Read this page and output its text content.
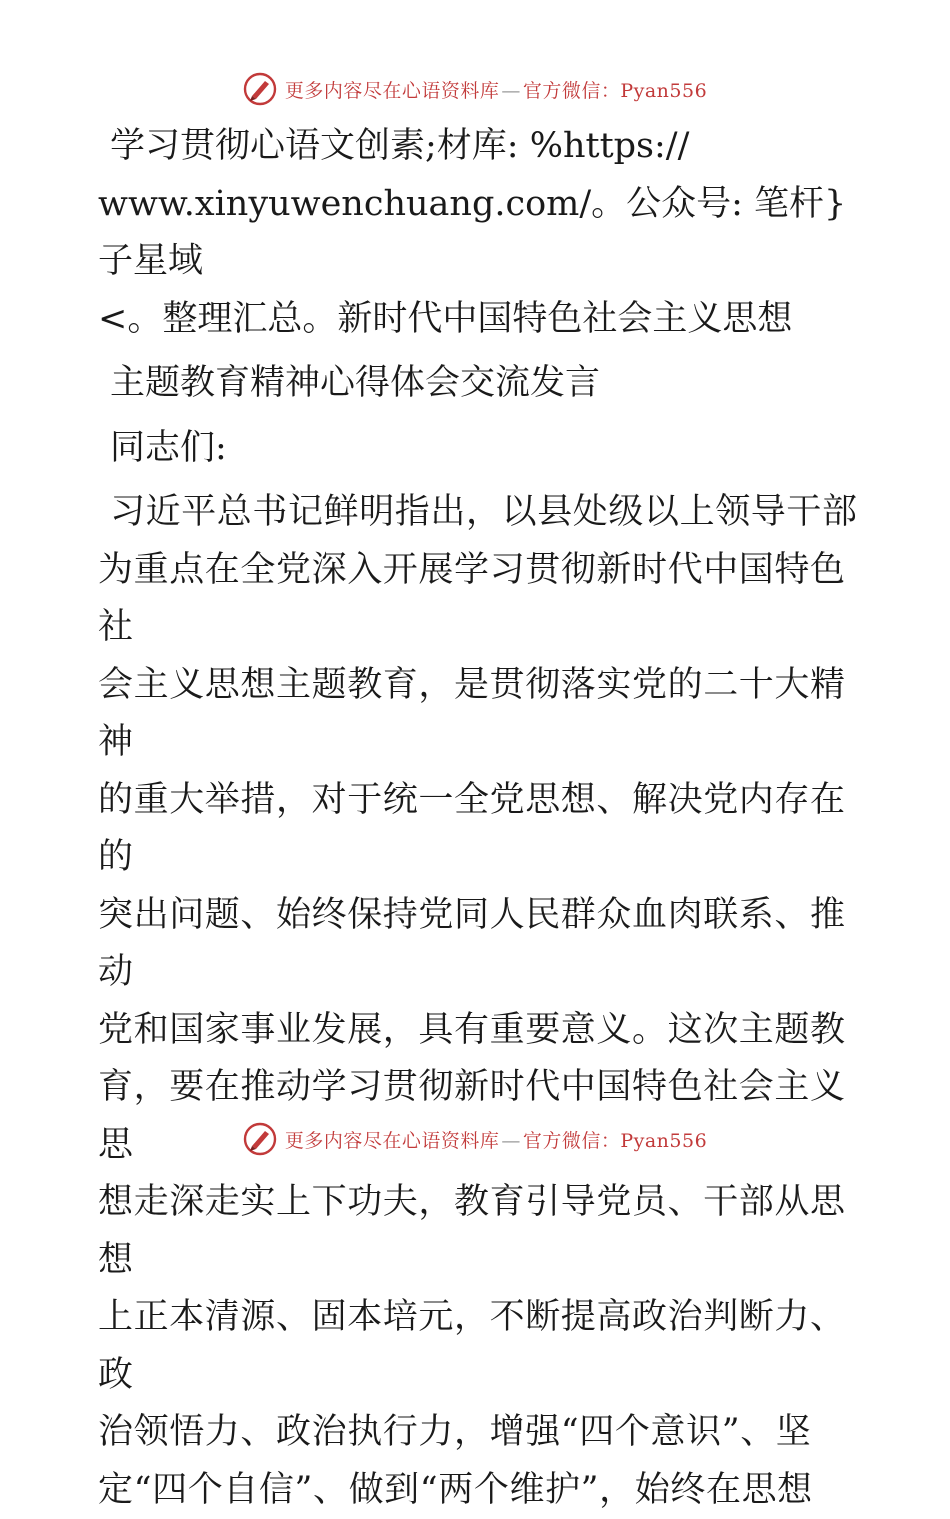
更多内容尽在心语资料库 — 官方微信：Pyan556

学习贯彻心语文创素;材库: %https://

www.xinyuwenchuang.com/。公众号: 笔杆}子星域

<。整理汇总。新时代中国特色社会主义思想

主题教育精神心得体会交流发言

同志们:

习近平总书记鲜明指出，以县处级以上领导干部

为重点在全党深入开展学习贯彻新时代中国特色社

会主义思想主题教育，是贯彻落实党的二十大精神

的重大举措，对于统一全党思想、解决党内存在的

突出问题、始终保持党同人民群众血肉联系、推动

党和国家事业发展，具有重要意义。这次主题教

育，要在推动学习贯彻新时代中国特色社会主义思

想走深走实上下功夫，教育引导党员、干部从思想

上正本清源、固本培元，不断提高政治判断力、政

治领悟力、政治执行力，增强“四个意识”、坚

定“四个自信”、做到“两个维护”，始终在思想

更多内容尽在心语资料库 — 官方微信：Pyan556
